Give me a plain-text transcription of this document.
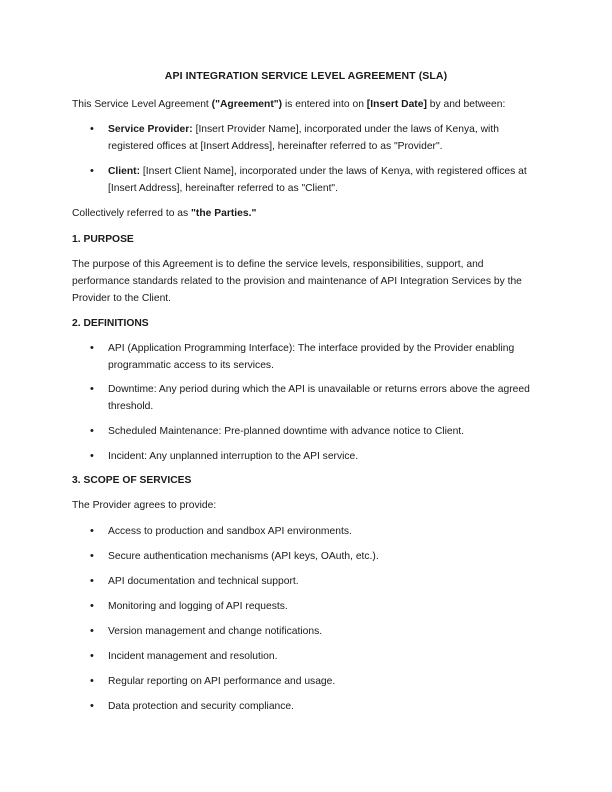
API INTEGRATION SERVICE LEVEL AGREEMENT (SLA)

This Service Level Agreement ("Agreement") is entered into on [Insert Date] by and between:

•	Service Provider: [Insert Provider Name], incorporated under the laws of Kenya, with registered offices at [Insert Address], hereinafter referred to as "Provider".

•	Client: [Insert Client Name], incorporated under the laws of Kenya, with registered offices at [Insert Address], hereinafter referred to as "Client".

Collectively referred to as "the Parties."

1. PURPOSE

The purpose of this Agreement is to define the service levels, responsibilities, support, and performance standards related to the provision and maintenance of API Integration Services by the Provider to the Client.

2. DEFINITIONS

•	API (Application Programming Interface): The interface provided by the Provider enabling programmatic access to its services.

•	Downtime: Any period during which the API is unavailable or returns errors above the agreed threshold.

•	Scheduled Maintenance: Pre-planned downtime with advance notice to Client.

•	Incident: Any unplanned interruption to the API service.

3. SCOPE OF SERVICES

The Provider agrees to provide:

•	Access to production and sandbox API environments.

•	Secure authentication mechanisms (API keys, OAuth, etc.).

•	API documentation and technical support.

•	Monitoring and logging of API requests.

•	Version management and change notifications.

•	Incident management and resolution.

•	Regular reporting on API performance and usage.

•	Data protection and security compliance.
